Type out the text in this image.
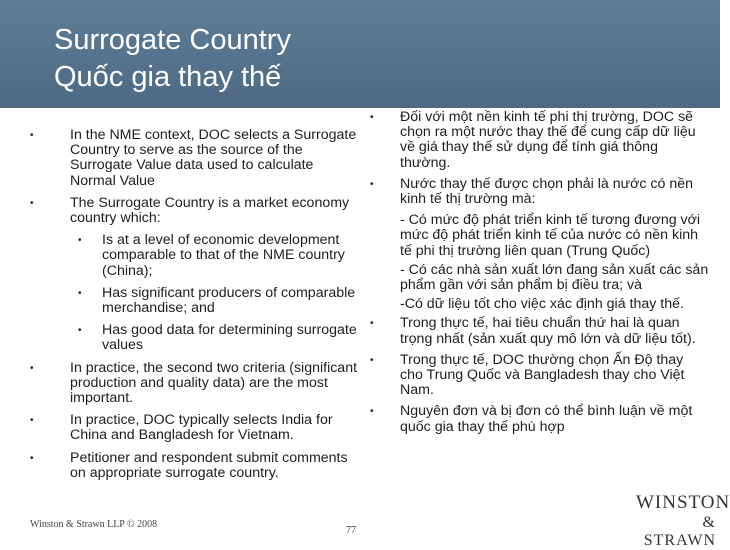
Surrogate Country
Quốc gia thay thế
•	In the NME context, DOC selects a Surrogate Country to serve as the source of the Surrogate Value data used to calculate Normal Value
•	The Surrogate Country is a market economy country which:
• Is at a level of economic development comparable to that of the NME country (China);
• Has significant producers of comparable merchandise; and
• Has good data for determining surrogate values
•	In practice, the second two criteria (significant production and quality data) are the most important.
•	In practice, DOC typically selects India for China and Bangladesh for Vietnam.
•	Petitioner and respondent submit comments on appropriate surrogate country.
• Đối với một nền kinh tế phi thị trường, DOC sẽ chọn ra một nước thay thế để cung cấp dữ liệu về giá thay thế sử dụng để tính giá thông thường.
• Nước thay thế được chọn phải là nước có nền kinh tế thị trường mà:
- Có mức độ phát triển kinh tế tương đương với mức độ phát triển kinh tế của nước có nền kinh tế phi thị trường liên quan (Trung Quốc)
- Có các nhà sản xuất lớn đang sản xuất các sản phẩm gần với sản phẩm bị điều tra; và
-Có dữ liệu tốt cho việc xác định giá thay thế.
• Trong thực tế, hai tiêu chuẩn thứ hai là quan trọng nhất (sản xuất quy mô lớn và dữ liệu tốt).
• Trong thực tế, DOC thường chọn Ấn Độ thay cho Trung Quốc và Bangladesh thay cho Việt Nam.
• Nguyên đơn và bị đơn có thể bình luận về một quốc gia thay thế phù hợp
Winston & Strawn LLP © 2008
77
WINSTON
& STRAWN
